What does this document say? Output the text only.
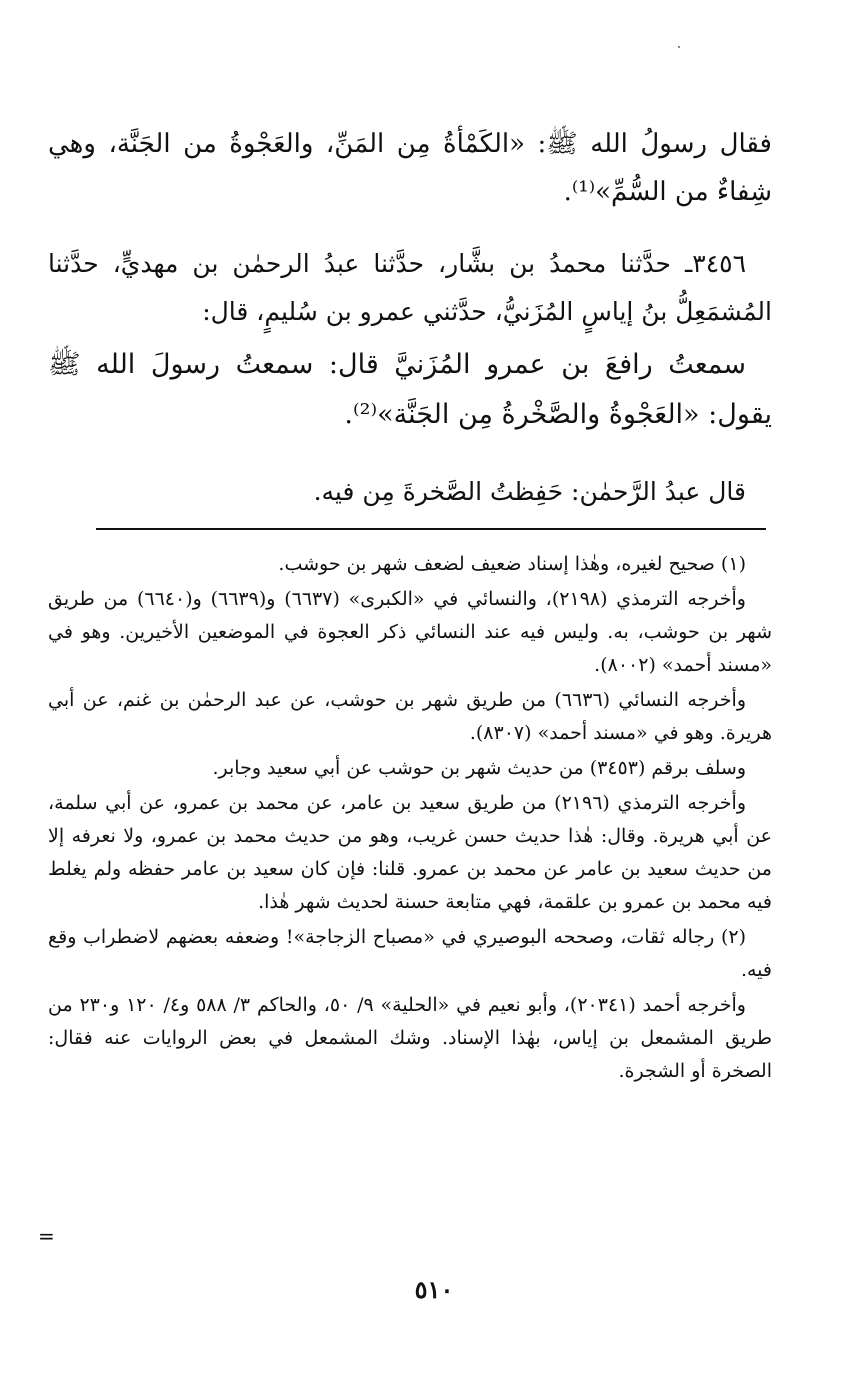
فقال رسولُ الله ﷺ: «الكَمْأةُ مِن المَنِّ، والعَجْوةُ من الجَنَّة، وهي شِفاءٌ من السُّمِّ»⁽¹⁾.

٣٤٥٦ـ حدَّثنا محمدُ بن بشَّار، حدَّثنا عبدُ الرحمٰن بن مهديٍّ، حدَّثنا المُشمَعِلُّ بنُ إياسٍ المُزَنيُّ، حدَّثني عمرو بن سُليمٍ، قال:

سمعتُ رافعَ بن عمرو المُزَنيَّ قال: سمعتُ رسولَ الله ﷺ يقول: «العَجْوةُ والصَّخْرةُ مِن الجَنَّة»⁽²⁾.

قال عبدُ الرَّحمٰن: حَفِظتُ الصَّخرةَ مِن فيه.

(١) صحيح لغيره، وهٰذا إسناد ضعيف لضعف شهر بن حوشب.

وأخرجه الترمذي (٢١٩٨)، والنسائي في «الكبرى» (٦٦٣٧) و(٦٦٣٩) و(٦٦٤٠) من طريق شهر بن حوشب، به. وليس فيه عند النسائي ذكر العجوة في الموضعين الأخيرين. وهو في «مسند أحمد» (٨٠٠٢).

وأخرجه النسائي (٦٦٣٦) من طريق شهر بن حوشب، عن عبد الرحمٰن بن غنم، عن أبي هريرة. وهو في «مسند أحمد» (٨٣٠٧).

وسلف برقم (٣٤٥٣) من حديث شهر بن حوشب عن أبي سعيد وجابر.

وأخرجه الترمذي (٢١٩٦) من طريق سعيد بن عامر، عن محمد بن عمرو، عن أبي سلمة، عن أبي هريرة. وقال: هٰذا حديث حسن غريب، وهو من حديث محمد بن عمرو، ولا نعرفه إلا من حديث سعيد بن عامر عن محمد بن عمرو. قلنا: فإن كان سعيد بن عامر حفظه ولم يغلط فيه محمد بن عمرو بن علقمة، فهي متابعة حسنة لحديث شهر هٰذا.

(٢) رجاله ثقات، وصححه البوصيري في «مصباح الزجاجة»! وضعفه بعضهم لاضطراب وقع فيه.

وأخرجه أحمد (٢٠٣٤١)، وأبو نعيم في «الحلية» ٩/ ٥٠، والحاكم ٣/ ٥٨٨ و٤/ ١٢٠ و٢٣٠ من طريق المشمعل بن إياس، بهٰذا الإسناد. وشك المشمعل في بعض الروايات عنه فقال: الصخرة أو الشجرة.

=
٥١٠
